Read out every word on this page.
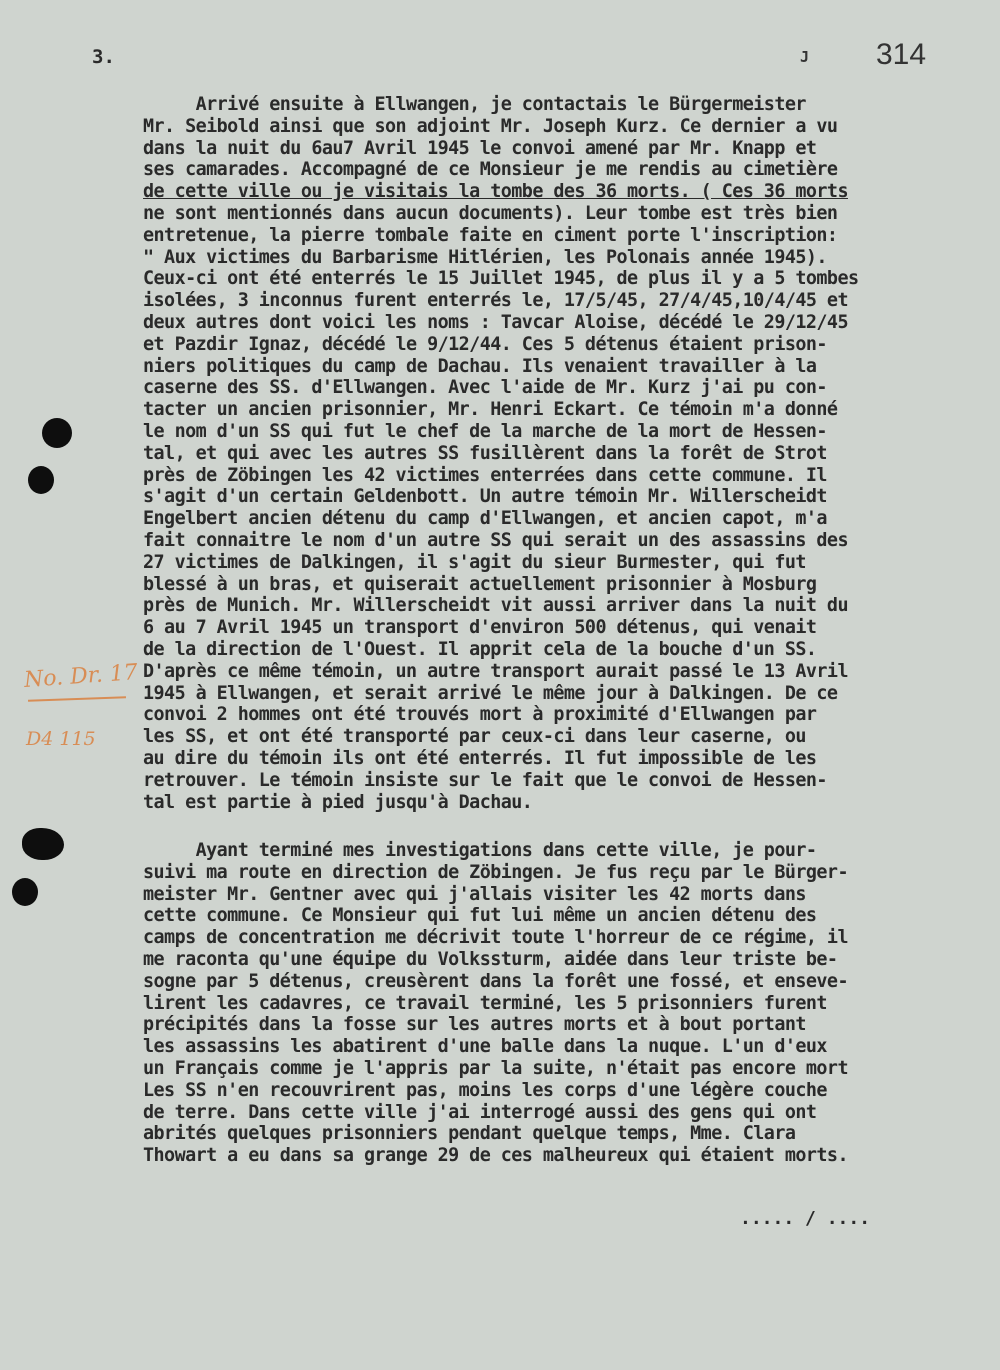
3.	J 314
No. Dr. 17
D4 115
Arrivé ensuite à Ellwangen, je contactais le Bürgermeister
Mr. Seibold ainsi que son adjoint Mr. Joseph Kurz. Ce dernier a vu
dans la nuit du 6au7 Avril 1945 le convoi amené par Mr. Knapp et
ses camarades. Accompagné de ce Monsieur je me rendis au cimetière
de cette ville ou je visitais la tombe des 36 morts. ( Ces 36 morts
ne sont mentionnés dans aucun documents). Leur tombe est très bien
entretenue, la pierre tombale faite en ciment porte l'inscription:
" Aux victimes du Barbarisme Hitlérien, les Polonais année 1945).
Ceux-ci ont été enterrés le 15 Juillet 1945, de plus il y a 5 tombes
isolées, 3 inconnus furent enterrés le, 17/5/45, 27/4/45,10/4/45 et
deux autres dont voici les noms : Tavcar Aloise, décédé le 29/12/45
et Pazdir Ignaz, décédé le 9/12/44. Ces 5 détenus étaient prison-
niers politiques du camp de Dachau. Ils venaient travailler à la
caserne des SS. d'Ellwangen. Avec l'aide de Mr. Kurz j'ai pu con-
tacter un ancien prisonnier, Mr. Henri Eckart. Ce témoin m'a donné
le nom d'un SS qui fut le chef de la marche de la mort de Hessen-
tal, et qui avec les autres SS fusillèrent dans la forêt de Strot
près de Zöbingen les 42 victimes enterrées dans cette commune. Il
s'agit d'un certain Geldenbott. Un autre témoin Mr. Willerscheidt
Engelbert ancien détenu du camp d'Ellwangen, et ancien capot, m'a
fait connaitre le nom d'un autre SS qui serait un des assassins des
27 victimes de Dalkingen, il s'agit du sieur Burmester, qui fut
blessé à un bras, et quiserait actuellement prisonnier à Mosburg
près de Munich. Mr. Willerscheidt vit aussi arriver dans la nuit du
6 au 7 Avril 1945 un transport d'environ 500 détenus, qui venait
de la direction de l'Ouest. Il apprit cela de la bouche d'un SS.
D'après ce même témoin, un autre transport aurait passé le 13 Avril
1945 à Ellwangen, et serait arrivé le même jour à Dalkingen. De ce
convoi 2 hommes ont été trouvés mort à proximité d'Ellwangen par
les SS, et ont été transporté par ceux-ci dans leur caserne, ou
au dire du témoin ils ont été enterrés. Il fut impossible de les
retrouver. Le témoin insiste sur le fait que le convoi de Hessen-
tal est partie à pied jusqu'à Dachau.
Ayant terminé mes investigations dans cette ville, je pour-
suivi ma route en direction de Zöbingen. Je fus reçu par le Bürger-
meister Mr. Gentner avec qui j'allais visiter les 42 morts dans
cette commune. Ce Monsieur qui fut lui même un ancien détenu des
camps de concentration me décrivit toute l'horreur de ce régime, il
me raconta qu'une équipe du Volkssturm, aidée dans leur triste be-
sogne par 5 détenus, creusèrent dans la forêt une fossé, et enseve-
lirent les cadavres, ce travail terminé, les 5 prisonniers furent
précipités dans la fosse sur les autres morts et à bout portant
les assassins les abatirent d'une balle dans la nuque. L'un d'eux
un Français comme je l'appris par la suite, n'était pas encore mort
Les SS n'en recouvrirent pas, moins les corps d'une légère couche
de terre. Dans cette ville j'ai interrogé aussi des gens qui ont
abrités quelques prisonniers pendant quelque temps, Mme. Clara
Thowart a eu dans sa grange 29 de ces malheureux qui étaient morts.
..... / ....
